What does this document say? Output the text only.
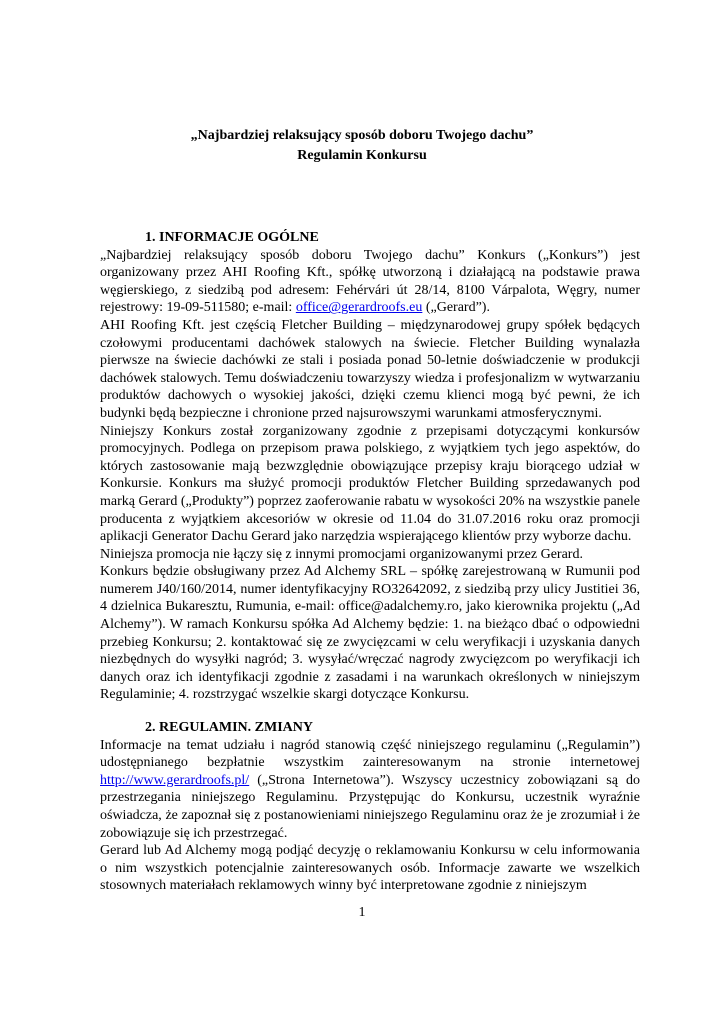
„Najbardziej relaksujący sposób doboru Twojego dachu”
Regulamin Konkursu

1. INFORMACJE OGÓLNE

„Najbardziej relaksujący sposób doboru Twojego dachu” Konkurs („Konkurs”) jest organizowany przez AHI Roofing Kft., spółkę utworzoną i działającą na podstawie prawa węgierskiego, z siedzibą pod adresem: Fehérvári út 28/14, 8100 Várpalota, Węgry, numer rejestrowy: 19-09-511580; e-mail: office@gerardroofs.eu („Gerard”).

AHI Roofing Kft. jest częścią Fletcher Building – międzynarodowej grupy spółek będących czołowymi producentami dachówek stalowych na świecie. Fletcher Building wynalazła pierwsze na świecie dachówki ze stali i posiada ponad 50-letnie doświadczenie w produkcji dachówek stalowych. Temu doświadczeniu towarzyszy wiedza i profesjonalizm w wytwarzaniu produktów dachowych o wysokiej jakości, dzięki czemu klienci mogą być pewni, że ich budynki będą bezpieczne i chronione przed najsurowszymi warunkami atmosferycznymi.

Niniejszy Konkurs został zorganizowany zgodnie z przepisami dotyczącymi konkursów promocyjnych. Podlega on przepisom prawa polskiego, z wyjątkiem tych jego aspektów, do których zastosowanie mają bezwzględnie obowiązujące przepisy kraju biorącego udział w Konkursie. Konkurs ma służyć promocji produktów Fletcher Building sprzedawanych pod marką Gerard („Produkty”) poprzez zaoferowanie rabatu w wysokości 20% na wszystkie panele producenta z wyjątkiem akcesoriów w okresie od 11.04 do 31.07.2016 roku oraz promocji aplikacji Generator Dachu Gerard jako narzędzia wspierającego klientów przy wyborze dachu.

Niniejsza promocja nie łączy się z innymi promocjami organizowanymi przez Gerard.

Konkurs będzie obsługiwany przez Ad Alchemy SRL – spółkę zarejestrowaną w Rumunii pod numerem J40/160/2014, numer identyfikacyjny RO32642092, z siedzibą przy ulicy Justitiei 36, 4 dzielnica Bukaresztu, Rumunia, e-mail: office@adalchemy.ro, jako kierownika projektu („Ad Alchemy”). W ramach Konkursu spółka Ad Alchemy będzie: 1. na bieżąco dbać o odpowiedni przebieg Konkursu; 2. kontaktować się ze zwycięzcami w celu weryfikacji i uzyskania danych niezbędnych do wysyłki nagród; 3. wysyłać/wręczać nagrody zwycięzcom po weryfikacji ich danych oraz ich identyfikacji zgodnie z zasadami i na warunkach określonych w niniejszym Regulaminie; 4. rozstrzygać wszelkie skargi dotyczące Konkursu.

2. REGULAMIN. ZMIANY

Informacje na temat udziału i nagród stanowią część niniejszego regulaminu („Regulamin”) udostępnianego bezpłatnie wszystkim zainteresowanym na stronie internetowej http://www.gerardroofs.pl/ („Strona Internetowa”). Wszyscy uczestnicy zobowiązani są do przestrzegania niniejszego Regulaminu. Przystępując do Konkursu, uczestnik wyraźnie oświadcza, że zapoznał się z postanowieniami niniejszego Regulaminu oraz że je zrozumiał i że zobowiązuje się ich przestrzegać.

Gerard lub Ad Alchemy mogą podjąć decyzję o reklamowaniu Konkursu w celu informowania o nim wszystkich potencjalnie zainteresowanych osób. Informacje zawarte we wszelkich stosownych materiałach reklamowych winny być interpretowane zgodnie z niniejszym

1
